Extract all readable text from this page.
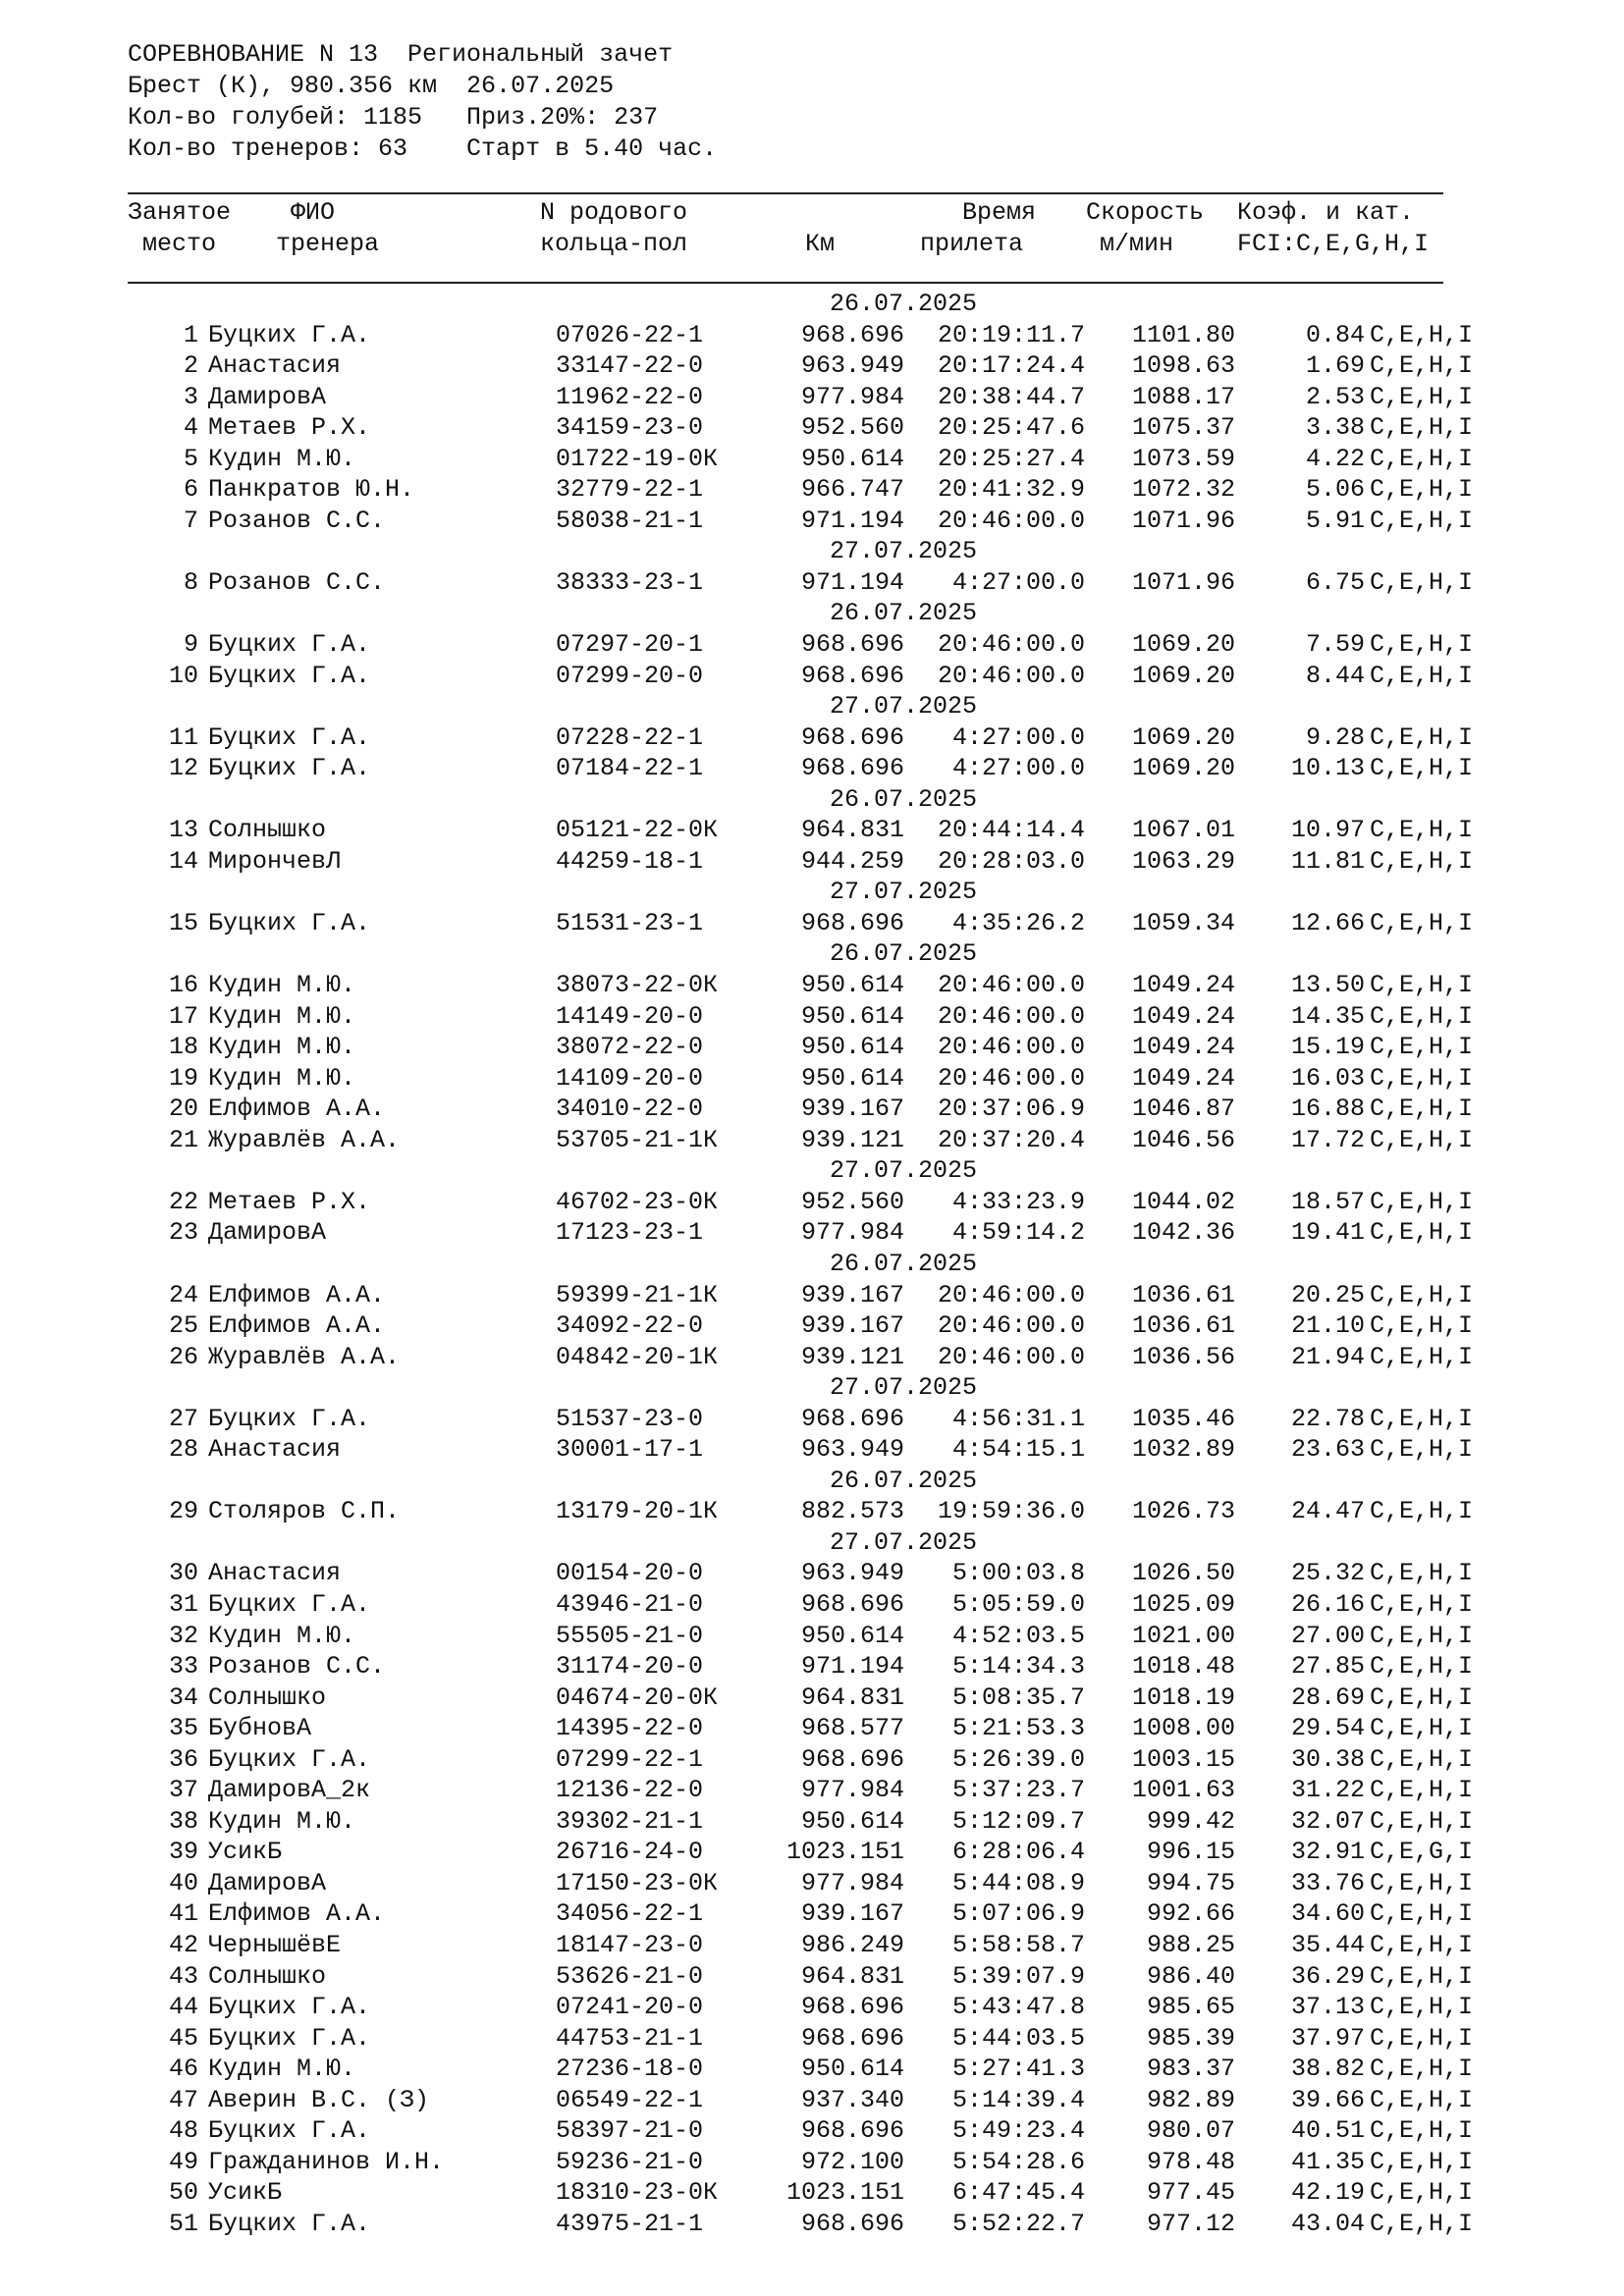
СОРЕВНОВАНИЕ N 13  Региональный зачет
Брест (К), 980.356 км  26.07.2025
Кол-во голубей: 1185   Приз.20%: 237
Кол-во тренеров: 63    Старт в 5.40 час.
Занятое ФИО	N родового	Время Скорость Коэф. и кат.
место тренера	кольца-пол	Км	прилета	м/мин	FCI:C,E,G,H,I
26.07.2025
1 Буцких Г.А.	07026-22-1	968.696	20:19:11.7	1101.80	0.84 C,E,H,I
2 Анастасия	33147-22-0	963.949	20:17:24.4	1098.63	1.69 C,E,H,I
3 ДамировА	11962-22-0	977.984	20:38:44.7	1088.17	2.53 C,E,H,I
4 Метаев Р.Х.	34159-23-0	952.560	20:25:47.6	1075.37	3.38 C,E,H,I
5 Кудин М.Ю.	01722-19-0К	950.614	20:25:27.4	1073.59	4.22 C,E,H,I
6 Панкратов Ю.Н.	32779-22-1	966.747	20:41:32.9	1072.32	5.06 C,E,H,I
7 Розанов С.С.	58038-21-1	971.194	20:46:00.0	1071.96	5.91 C,E,H,I
27.07.2025
8 Розанов С.С.	38333-23-1	971.194	4:27:00.0	1071.96	6.75 C,E,H,I
26.07.2025
9 Буцких Г.А.	07297-20-1	968.696	20:46:00.0	1069.20	7.59 C,E,H,I
10 Буцких Г.А.	07299-20-0	968.696	20:46:00.0	1069.20	8.44 C,E,H,I
27.07.2025
11 Буцких Г.А.	07228-22-1	968.696	4:27:00.0	1069.20	9.28 C,E,H,I
12 Буцких Г.А.	07184-22-1	968.696	4:27:00.0	1069.20	10.13 C,E,H,I
26.07.2025
13 Солнышко	05121-22-0К	964.831	20:44:14.4	1067.01	10.97 C,E,H,I
14 МирончевЛ	44259-18-1	944.259	20:28:03.0	1063.29	11.81 C,E,H,I
27.07.2025
15 Буцких Г.А.	51531-23-1	968.696	4:35:26.2	1059.34	12.66 C,E,H,I
26.07.2025
16 Кудин М.Ю.	38073-22-0К	950.614	20:46:00.0	1049.24	13.50 C,E,H,I
17 Кудин М.Ю.	14149-20-0	950.614	20:46:00.0	1049.24	14.35 C,E,H,I
18 Кудин М.Ю.	38072-22-0	950.614	20:46:00.0	1049.24	15.19 C,E,H,I
19 Кудин М.Ю.	14109-20-0	950.614	20:46:00.0	1049.24	16.03 C,E,H,I
20 Елфимов А.А.	34010-22-0	939.167	20:37:06.9	1046.87	16.88 C,E,H,I
21 Журавлёв А.А.	53705-21-1К	939.121	20:37:20.4	1046.56	17.72 C,E,H,I
27.07.2025
22 Метаев Р.Х.	46702-23-0К	952.560	4:33:23.9	1044.02	18.57 C,E,H,I
23 ДамировА	17123-23-1	977.984	4:59:14.2	1042.36	19.41 C,E,H,I
26.07.2025
24 Елфимов А.А.	59399-21-1К	939.167	20:46:00.0	1036.61	20.25 C,E,H,I
25 Елфимов А.А.	34092-22-0	939.167	20:46:00.0	1036.61	21.10 C,E,H,I
26 Журавлёв А.А.	04842-20-1К	939.121	20:46:00.0	1036.56	21.94 C,E,H,I
27.07.2025
27 Буцких Г.А.	51537-23-0	968.696	4:56:31.1	1035.46	22.78 C,E,H,I
28 Анастасия	30001-17-1	963.949	4:54:15.1	1032.89	23.63 C,E,H,I
26.07.2025
29 Столяров С.П.	13179-20-1К	882.573	19:59:36.0	1026.73	24.47 C,E,H,I
27.07.2025
30 Анастасия	00154-20-0	963.949	5:00:03.8	1026.50	25.32 C,E,H,I
31 Буцких Г.А.	43946-21-0	968.696	5:05:59.0	1025.09	26.16 C,E,H,I
32 Кудин М.Ю.	55505-21-0	950.614	4:52:03.5	1021.00	27.00 C,E,H,I
33 Розанов С.С.	31174-20-0	971.194	5:14:34.3	1018.48	27.85 C,E,H,I
34 Солнышко	04674-20-0К	964.831	5:08:35.7	1018.19	28.69 C,E,H,I
35 БубновА	14395-22-0	968.577	5:21:53.3	1008.00	29.54 C,E,H,I
36 Буцких Г.А.	07299-22-1	968.696	5:26:39.0	1003.15	30.38 C,E,H,I
37 ДамировА_2к	12136-22-0	977.984	5:37:23.7	1001.63	31.22 C,E,H,I
38 Кудин М.Ю.	39302-21-1	950.614	5:12:09.7	999.42	32.07 C,E,H,I
39 УсикБ	26716-24-0	1023.151	6:28:06.4	996.15	32.91 C,E,G,I
40 ДамировА	17150-23-0К	977.984	5:44:08.9	994.75	33.76 C,E,H,I
41 Елфимов А.А.	34056-22-1	939.167	5:07:06.9	992.66	34.60 C,E,H,I
42 ЧернышёвЕ	18147-23-0	986.249	5:58:58.7	988.25	35.44 C,E,H,I
43 Солнышко	53626-21-0	964.831	5:39:07.9	986.40	36.29 C,E,H,I
44 Буцких Г.А.	07241-20-0	968.696	5:43:47.8	985.65	37.13 C,E,H,I
45 Буцких Г.А.	44753-21-1	968.696	5:44:03.5	985.39	37.97 C,E,H,I
46 Кудин М.Ю.	27236-18-0	950.614	5:27:41.3	983.37	38.82 C,E,H,I
47 Аверин В.С. (З)	06549-22-1	937.340	5:14:39.4	982.89	39.66 C,E,H,I
48 Буцких Г.А.	58397-21-0	968.696	5:49:23.4	980.07	40.51 C,E,H,I
49 Гражданинов И.Н.	59236-21-0	972.100	5:54:28.6	978.48	41.35 C,E,H,I
50 УсикБ	18310-23-0К	1023.151	6:47:45.4	977.45	42.19 C,E,H,I
51 Буцких Г.А.	43975-21-1	968.696	5:52:22.7	977.12	43.04 C,E,H,I
